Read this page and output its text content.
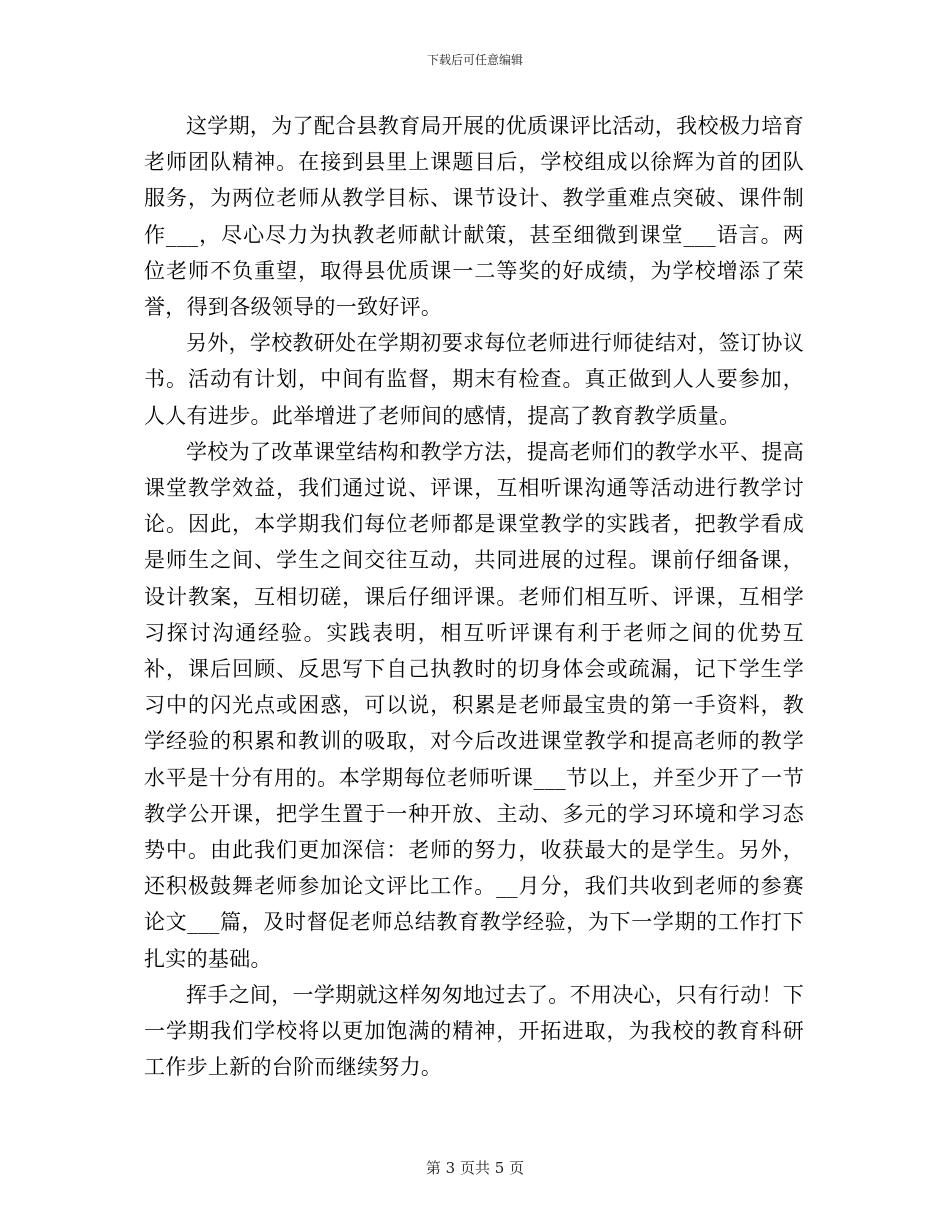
下载后可任意编辑

这学期，为了配合县教育局开展的优质课评比活动，我校极力培育老师团队精神。在接到县里上课题目后，学校组成以徐辉为首的团队服务，为两位老师从教学目标、课节设计、教学重难点突破、课件制作___，尽心尽力为执教老师献计献策，甚至细微到课堂___语言。两位老师不负重望，取得县优质课一二等奖的好成绩，为学校增添了荣誉，得到各级领导的一致好评。

另外，学校教研处在学期初要求每位老师进行师徒结对，签订协议书。活动有计划，中间有监督，期末有检查。真正做到人人要参加，人人有进步。此举增进了老师间的感情，提高了教育教学质量。

学校为了改革课堂结构和教学方法，提高老师们的教学水平、提高课堂教学效益，我们通过说、评课，互相听课沟通等活动进行教学讨论。因此，本学期我们每位老师都是课堂教学的实践者，把教学看成是师生之间、学生之间交往互动，共同进展的过程。课前仔细备课，设计教案，互相切磋，课后仔细评课。老师们相互听、评课，互相学习探讨沟通经验。实践表明，相互听评课有利于老师之间的优势互补，课后回顾、反思写下自己执教时的切身体会或疏漏，记下学生学习中的闪光点或困惑，可以说，积累是老师最宝贵的第一手资料，教学经验的积累和教训的吸取，对今后改进课堂教学和提高老师的教学水平是十分有用的。本学期每位老师听课___节以上，并至少开了一节教学公开课，把学生置于一种开放、主动、多元的学习环境和学习态势中。由此我们更加深信：老师的努力，收获最大的是学生。另外，还积极鼓舞老师参加论文评比工作。__月分，我们共收到老师的参赛论文___篇，及时督促老师总结教育教学经验，为下一学期的工作打下扎实的基础。

挥手之间，一学期就这样匆匆地过去了。不用决心，只有行动！下一学期我们学校将以更加饱满的精神，开拓进取，为我校的教育科研工作步上新的台阶而继续努力。

第 3 页共 5 页
